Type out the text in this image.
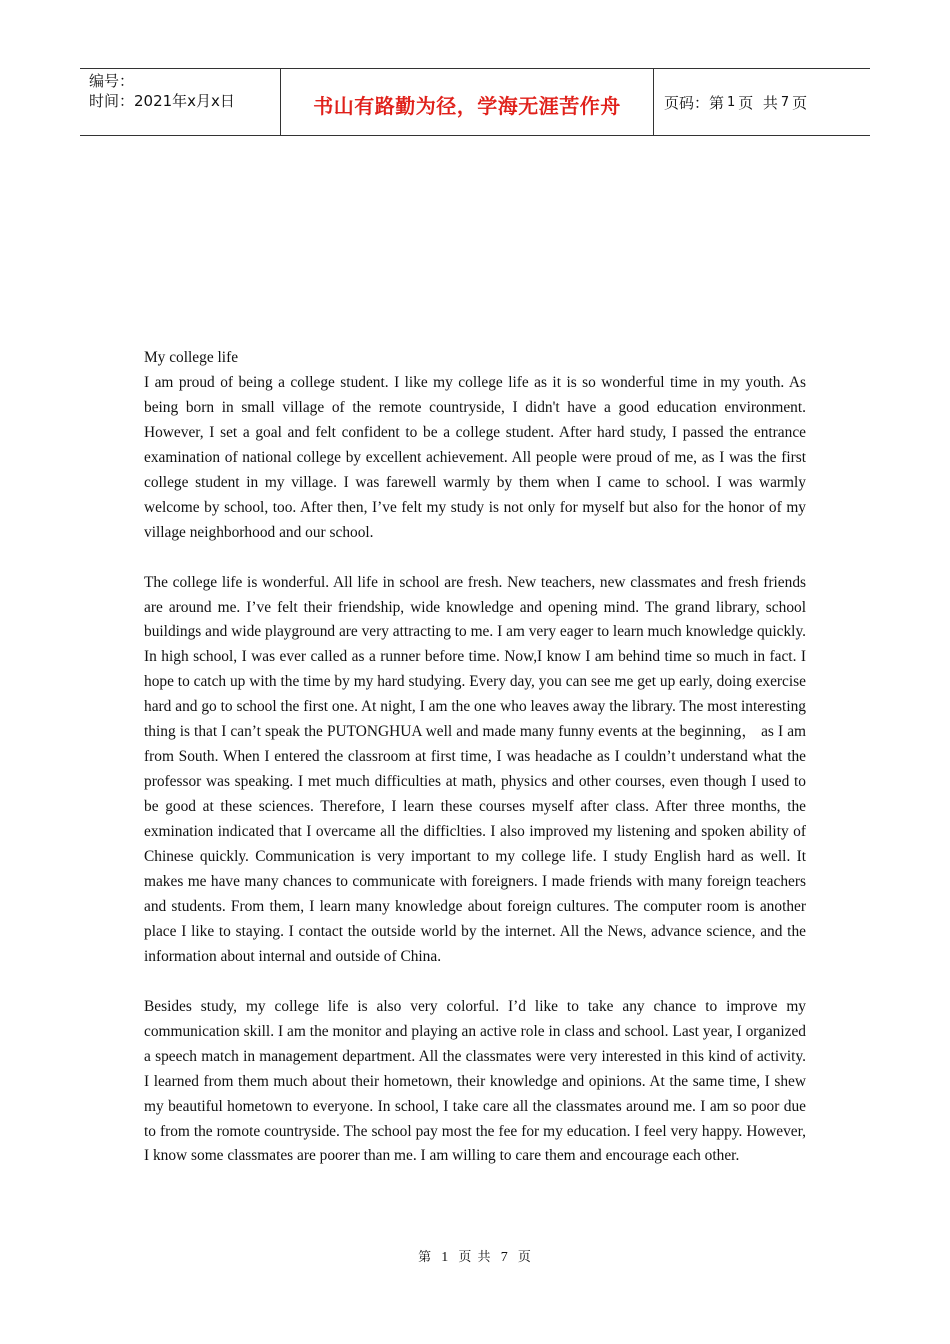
编号：
时间：2021年x月x日	书山有路勤为径，学海无涯苦作舟	页码：第 1 页  共 7 页

My college life

I am proud of being a college student. I like my college life as it is so wonderful time in my youth. As being born in small village of the remote countryside, I didn't have a good education environment. However, I set a goal and felt confident to be a college student. After hard study, I passed the entrance examination of national college by excellent achievement. All people were proud of me, as I was the first college student in my village. I was farewell warmly by them when I came to school. I was warmly welcome by school, too. After then, I’ve felt my study is not only for myself but also for the honor of my village neighborhood and our school.

The college life is wonderful. All life in school are fresh. New teachers, new classmates and fresh friends are around me. I’ve felt their friendship, wide knowledge and opening mind. The grand library, school buildings and wide playground are very attracting to me. I am very eager to learn much knowledge quickly. In high school, I was ever called as a runner before time. Now,I know I am behind time so much in fact. I hope to catch up with the time by my hard studying. Every day, you can see me get up early, doing exercise hard and go to school the first one. At night, I am the one who leaves away the library. The most interesting thing is that I can’t speak the PUTONGHUA well and made many funny events at the beginning， as I am from South. When I entered the classroom at first time, I was headache as I couldn’t understand what the professor was speaking. I met much difficulties at math, physics and other courses, even though I used to be good at these sciences. Therefore, I learn these courses myself after class. After three months, the exmination indicated that I overcame all the difficlties. I also improved my listening and spoken ability of Chinese quickly. Communication is very important to my college life. I study English hard as well. It makes me have many chances to communicate with foreigners. I made friends with many foreign teachers and students. From them, I learn many knowledge about foreign cultures. The computer room is another place I like to staying. I contact the outside world by the internet. All the News, advance science, and the information about internal and outside of China.

Besides study, my college life is also very colorful. I’d like to take any chance to improve my communication skill. I am the monitor and playing an active role in class and school. Last year, I organized a speech match in management department. All the classmates were very interested in this kind of activity. I learned from them much about their hometown, their knowledge and opinions. At the same time, I shew my beautiful hometown to everyone. In school, I take care all the classmates around me. I am so poor due to from the romote countryside. The school pay most the fee for my education. I feel very happy. However, I know some classmates are poorer than me. I am willing to care them and encourage each other.

第 1 页 共 7 页
